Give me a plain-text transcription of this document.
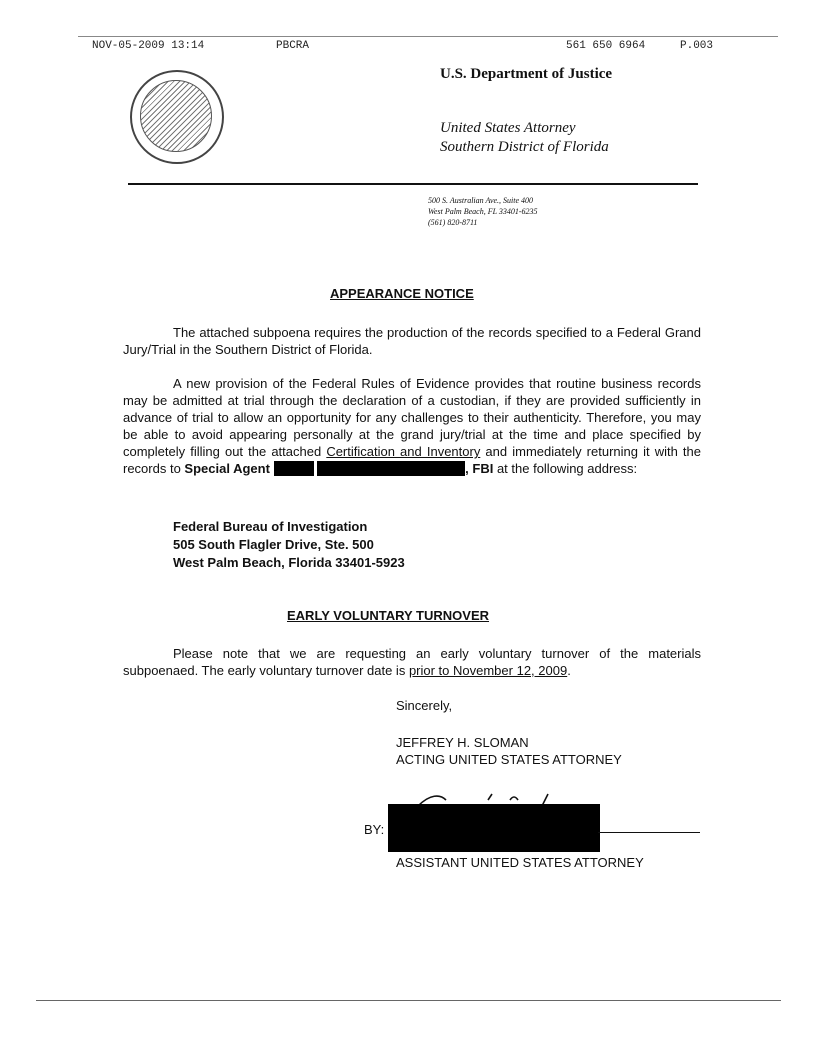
NOV-05-2009 13:14	PBCRA	561 650 6964	P.003
U.S. Department of Justice
United States Attorney
Southern District of Florida
500 S. Australian Ave., Suite 400
West Palm Beach, FL 33401-6235
(561) 820-8711
APPEARANCE NOTICE

The attached subpoena requires the production of the records specified to a Federal Grand Jury/Trial in the Southern District of Florida.

A new provision of the Federal Rules of Evidence provides that routine business records may be admitted at trial through the declaration of a custodian, if they are provided sufficiently in advance of trial to allow an opportunity for any challenges to their authenticity. Therefore, you may be able to avoid appearing personally at the grand jury/trial at the time and place specified by completely filling out the attached Certification and Inventory and immediately returning it with the records to Special Agent	, FBI at the following address:

Federal Bureau of Investigation
505 South Flagler Drive, Ste. 500
West Palm Beach, Florida 33401-5923
EARLY VOLUNTARY TURNOVER

Please note that we are requesting an early voluntary turnover of the materials subpoenaed. The early voluntary turnover date is prior to November 12, 2009.

Sincerely,
JEFFREY H. SLOMAN
ACTING UNITED STATES ATTORNEY
BY:
ASSISTANT UNITED STATES ATTORNEY
